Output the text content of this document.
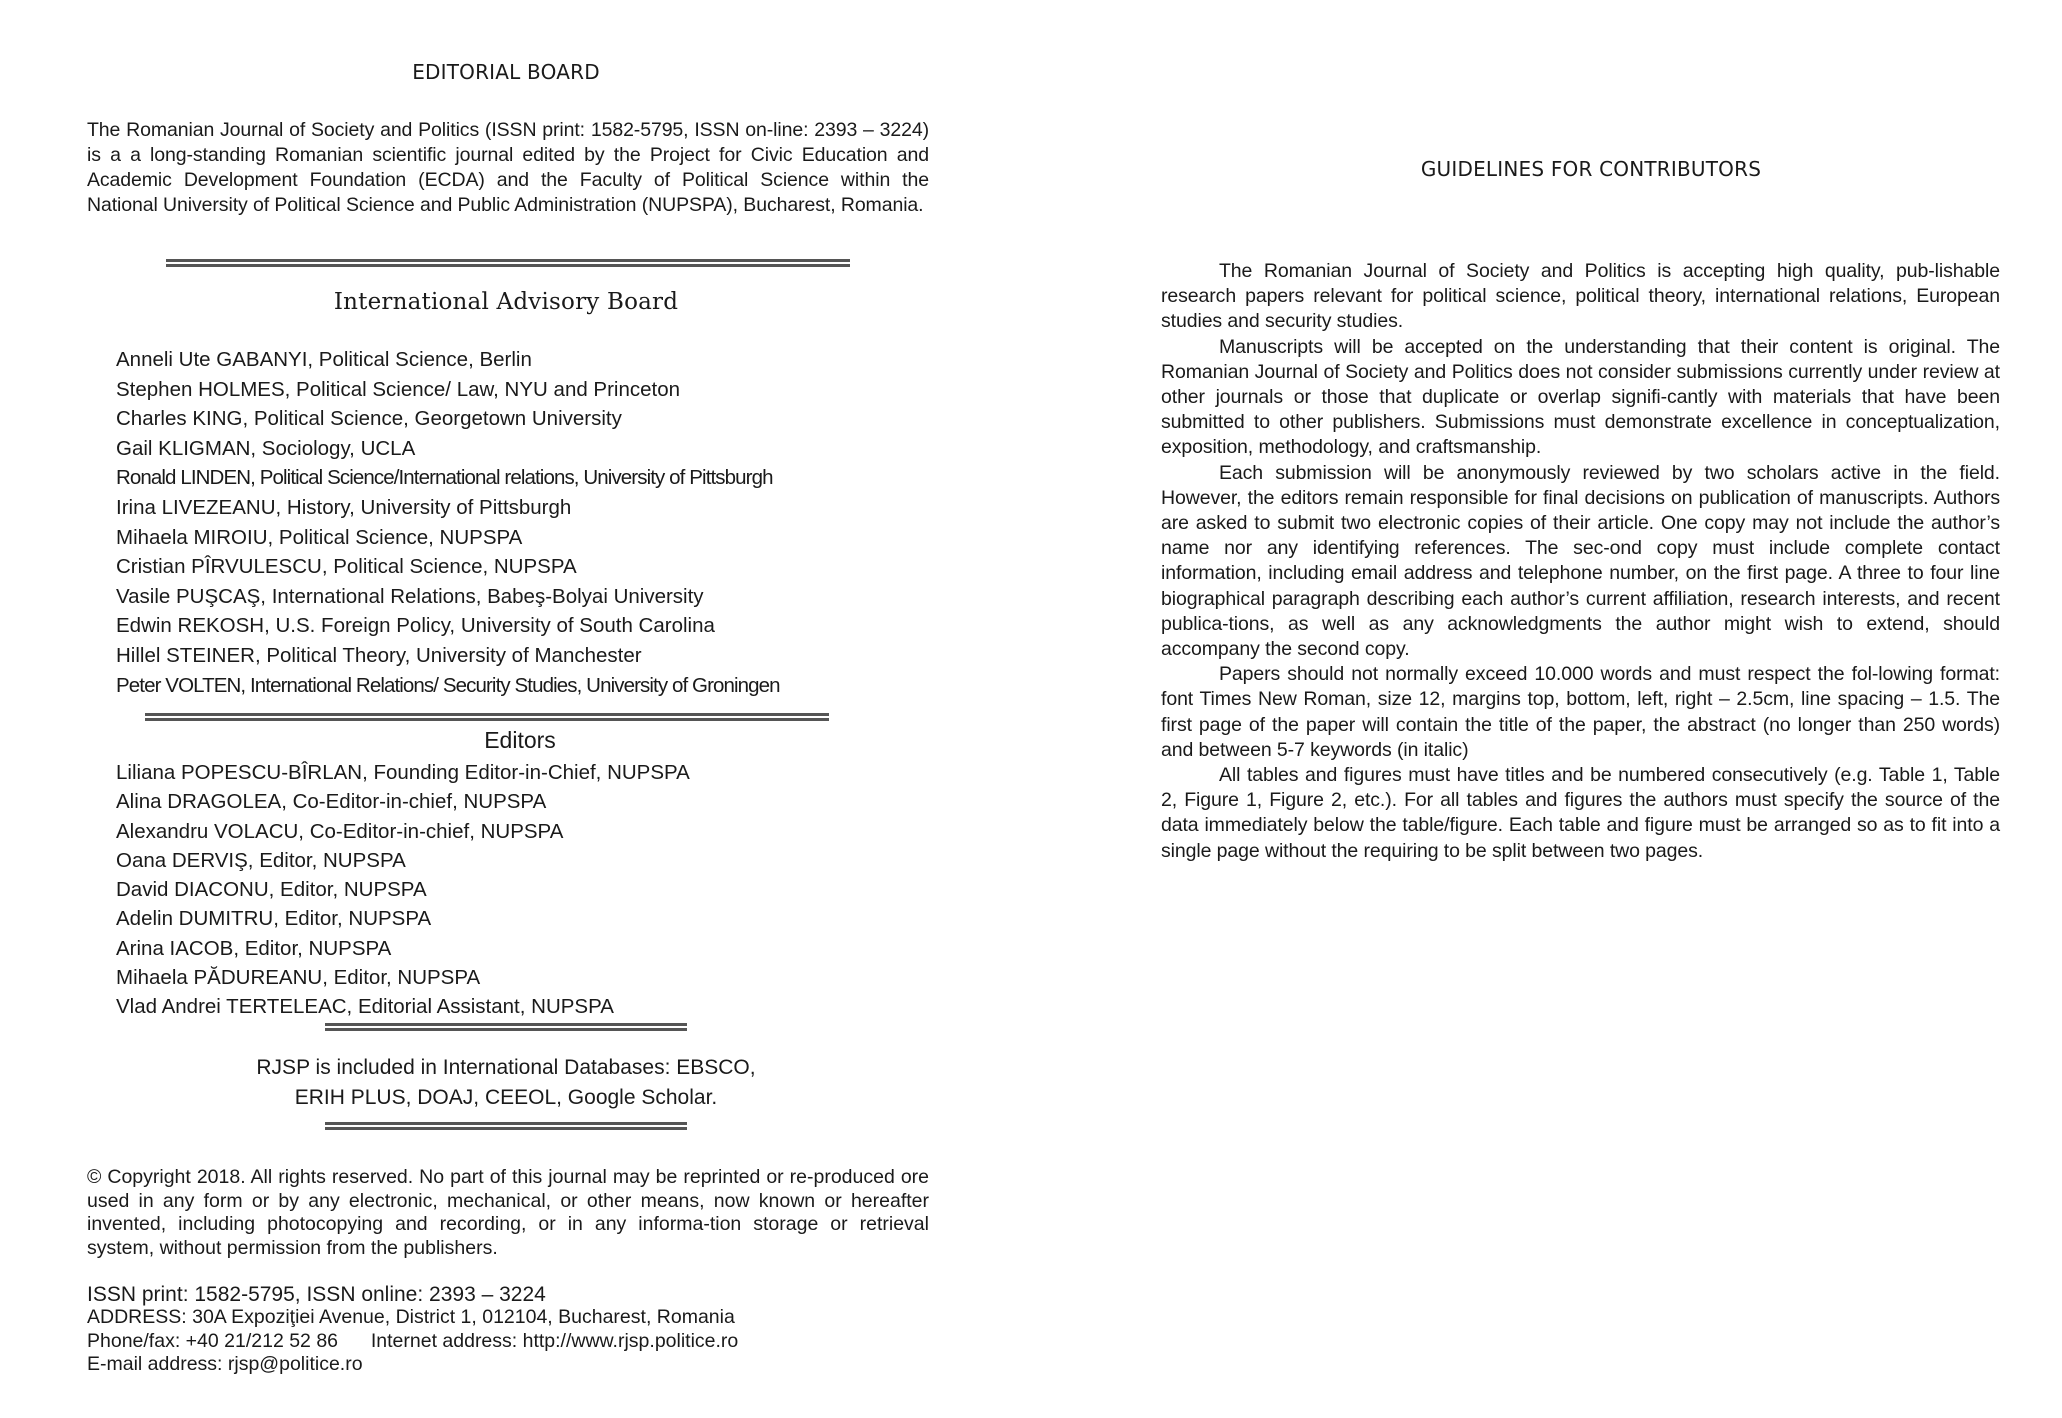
EDITORIAL BOARD
The Romanian Journal of Society and Politics (ISSN print: 1582-5795, ISSN on-line: 2393 – 3224) is a a long-standing Romanian scientific journal edited by the Project for Civic Education and Academic Development Foundation (ECDA) and the Faculty of Political Science within the National University of Political Science and Public Administration (NUPSPA), Bucharest, Romania.
International Advisory Board
Anneli Ute GABANYI, Political Science, Berlin
Stephen HOLMES, Political Science/ Law, NYU and Princeton
Charles KING, Political Science, Georgetown University
Gail KLIGMAN, Sociology, UCLA
Ronald LINDEN, Political Science/International relations, University of Pittsburgh
Irina LIVEZEANU, History, University of Pittsburgh
Mihaela MIROIU, Political Science, NUPSPA
Cristian PÎRVULESCU, Political Science, NUPSPA
Vasile PUŞCAŞ, International Relations, Babeş-Bolyai University
Edwin REKOSH, U.S. Foreign Policy, University of South Carolina
Hillel STEINER, Political Theory, University of Manchester
Peter VOLTEN, International Relations/ Security Studies, University of Groningen
Editors
Liliana POPESCU-BÎRLAN, Founding Editor-in-Chief, NUPSPA
Alina DRAGOLEA, Co-Editor-in-chief, NUPSPA
Alexandru VOLACU, Co-Editor-in-chief, NUPSPA
Oana DERVIŞ, Editor, NUPSPA
David DIACONU, Editor, NUPSPA
Adelin DUMITRU, Editor, NUPSPA
Arina IACOB, Editor, NUPSPA
Mihaela PĂDUREANU, Editor, NUPSPA
Vlad Andrei TERTELEAC, Editorial Assistant, NUPSPA
RJSP is included in International Databases: EBSCO,
ERIH PLUS, DOAJ, CEEOL, Google Scholar.
© Copyright 2018. All rights reserved. No part of this journal may be reprinted or re-produced ore used in any form or by any electronic, mechanical, or other means, now known or hereafter invented, including photocopying and recording, or in any informa-tion storage or retrieval system, without permission from the publishers.
ISSN print: 1582-5795, ISSN online: 2393 – 3224
ADDRESS: 30A Expoziţiei Avenue, District 1, 012104, Bucharest, Romania
Phone/fax: +40 21/212 52 86 Internet address: http://www.rjsp.politice.ro
E-mail address: rjsp@politice.ro
GUIDELINES FOR CONTRIBUTORS

The Romanian Journal of Society and Politics is accepting high quality, pub-lishable research papers relevant for political science, political theory, international relations, European studies and security studies.

Manuscripts will be accepted on the understanding that their content is original. The Romanian Journal of Society and Politics does not consider submissions currently under review at other journals or those that duplicate or overlap signifi-cantly with materials that have been submitted to other publishers. Submissions must demonstrate excellence in conceptualization, exposition, methodology, and craftsmanship.

Each submission will be anonymously reviewed by two scholars active in the field. However, the editors remain responsible for final decisions on publication of manuscripts. Authors are asked to submit two electronic copies of their article. One copy may not include the author’s name nor any identifying references. The sec-ond copy must include complete contact information, including email address and telephone number, on the first page. A three to four line biographical paragraph describing each author’s current affiliation, research interests, and recent publica-tions, as well as any acknowledgments the author might wish to extend, should accompany the second copy.

Papers should not normally exceed 10.000 words and must respect the fol-lowing format: font Times New Roman, size 12, margins top, bottom, left, right – 2.5cm, line spacing – 1.5. The first page of the paper will contain the title of the paper, the abstract (no longer than 250 words) and between 5-7 keywords (in italic)

All tables and figures must have titles and be numbered consecutively (e.g. Table 1, Table 2, Figure 1, Figure 2, etc.). For all tables and figures the authors must specify the source of the data immediately below the table/figure. Each table and figure must be arranged so as to fit into a single page without the requiring to be split between two pages.
